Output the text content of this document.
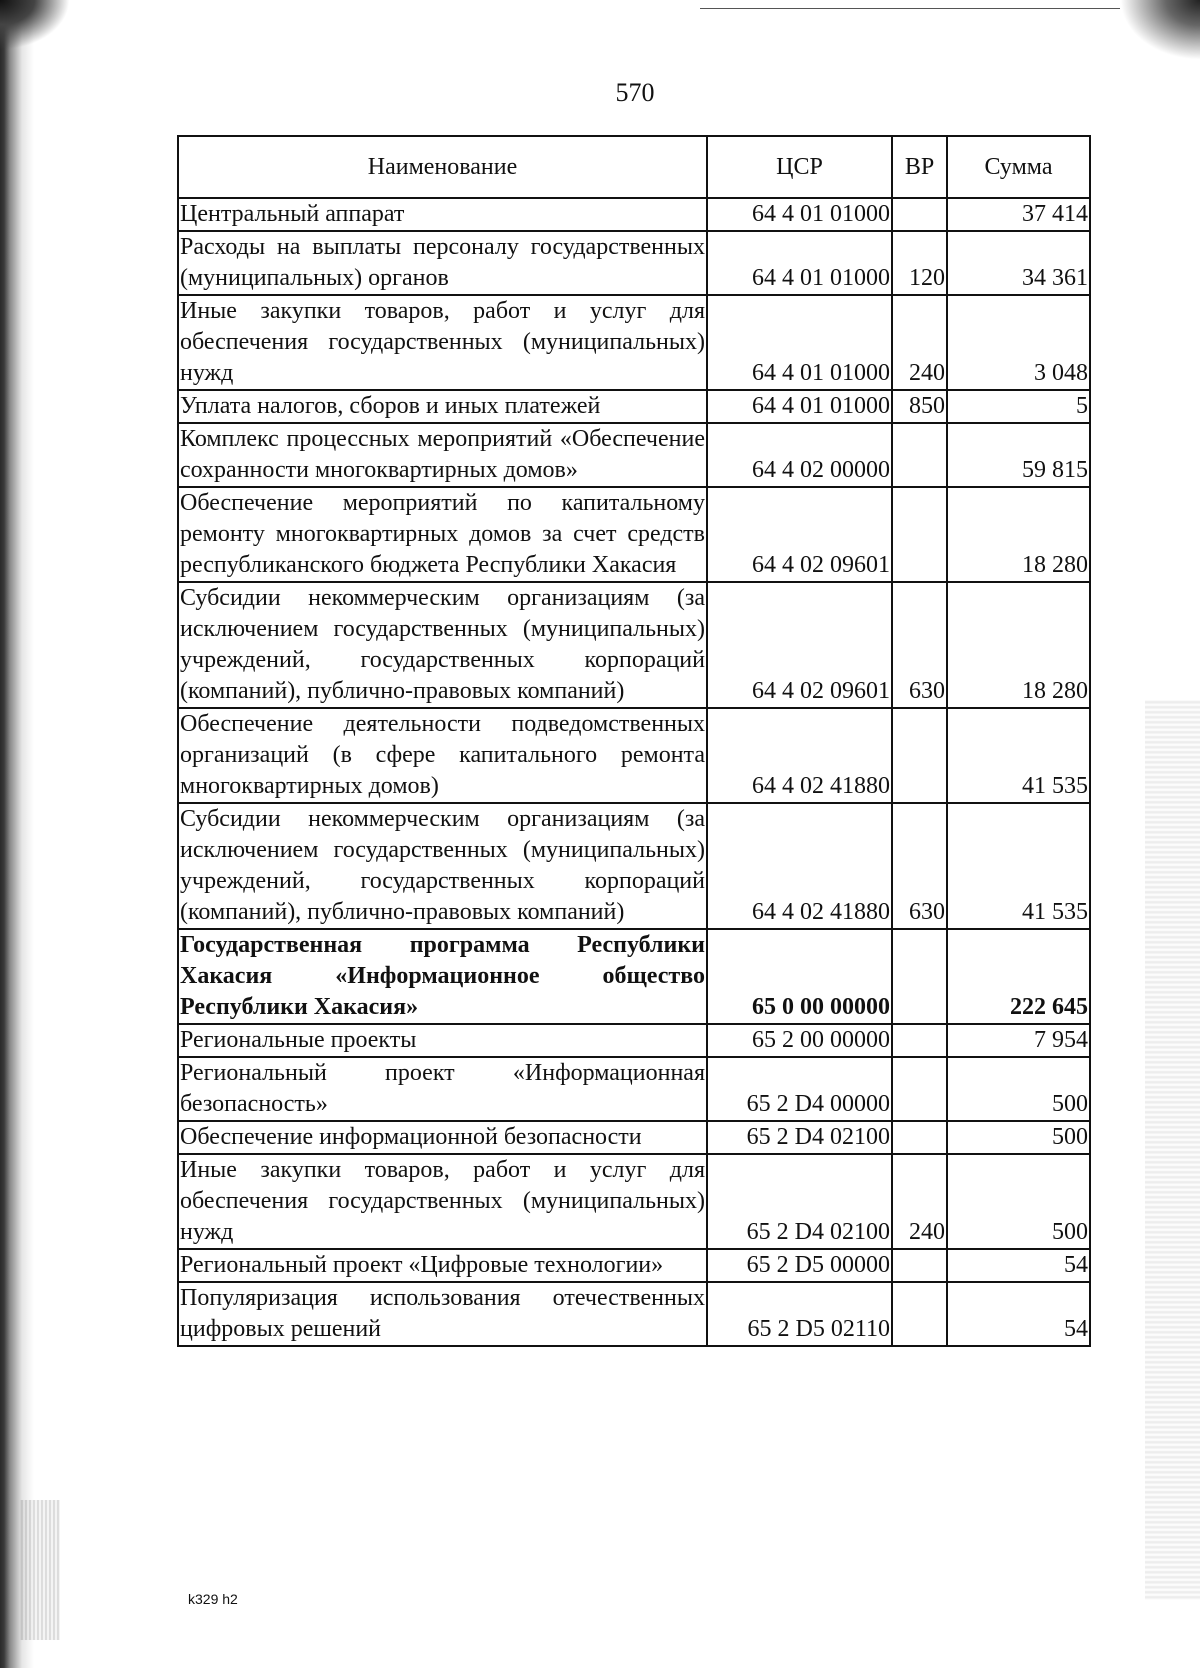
570
Наименование	ЦСР	ВР	Сумма
Центральный аппарат	64 4 01 01000		37 414
Расходы на выплаты персоналу государственных (муниципальных) органов	64 4 01 01000	120	34 361
Иные закупки товаров, работ и услуг для обеспечения государственных (муниципальных) нужд	64 4 01 01000	240	3 048
Уплата налогов, сборов и иных платежей	64 4 01 01000	850	5
Комплекс процессных мероприятий «Обеспечение сохранности многоквартирных домов»	64 4 02 00000		59 815
Обеспечение мероприятий по капитальному ремонту многоквартирных домов за счет средств республиканского бюджета Республики Хакасия	64 4 02 09601		18 280
Субсидии некоммерческим организациям (за исключением государственных (муниципальных) учреждений, государственных корпораций (компаний), публично-правовых компаний)	64 4 02 09601	630	18 280
Обеспечение деятельности подведомственных организаций (в сфере капитального ремонта многоквартирных домов)	64 4 02 41880		41 535
Субсидии некоммерческим организациям (за исключением государственных (муниципальных) учреждений, государственных корпораций (компаний), публично-правовых компаний)	64 4 02 41880	630	41 535
Государственная программа Республики Хакасия «Информационное общество Республики Хакасия»	65 0 00 00000		222 645
Региональные проекты	65 2 00 00000		7 954
Региональный проект «Информационная безопасность»	65 2 D4 00000		500
Обеспечение информационной безопасности	65 2 D4 02100		500
Иные закупки товаров, работ и услуг для обеспечения государственных (муниципальных) нужд	65 2 D4 02100	240	500
Региональный проект «Цифровые технологии»	65 2 D5 00000		54
Популяризация использования отечественных цифровых решений	65 2 D5 02110		54
k329 h2
